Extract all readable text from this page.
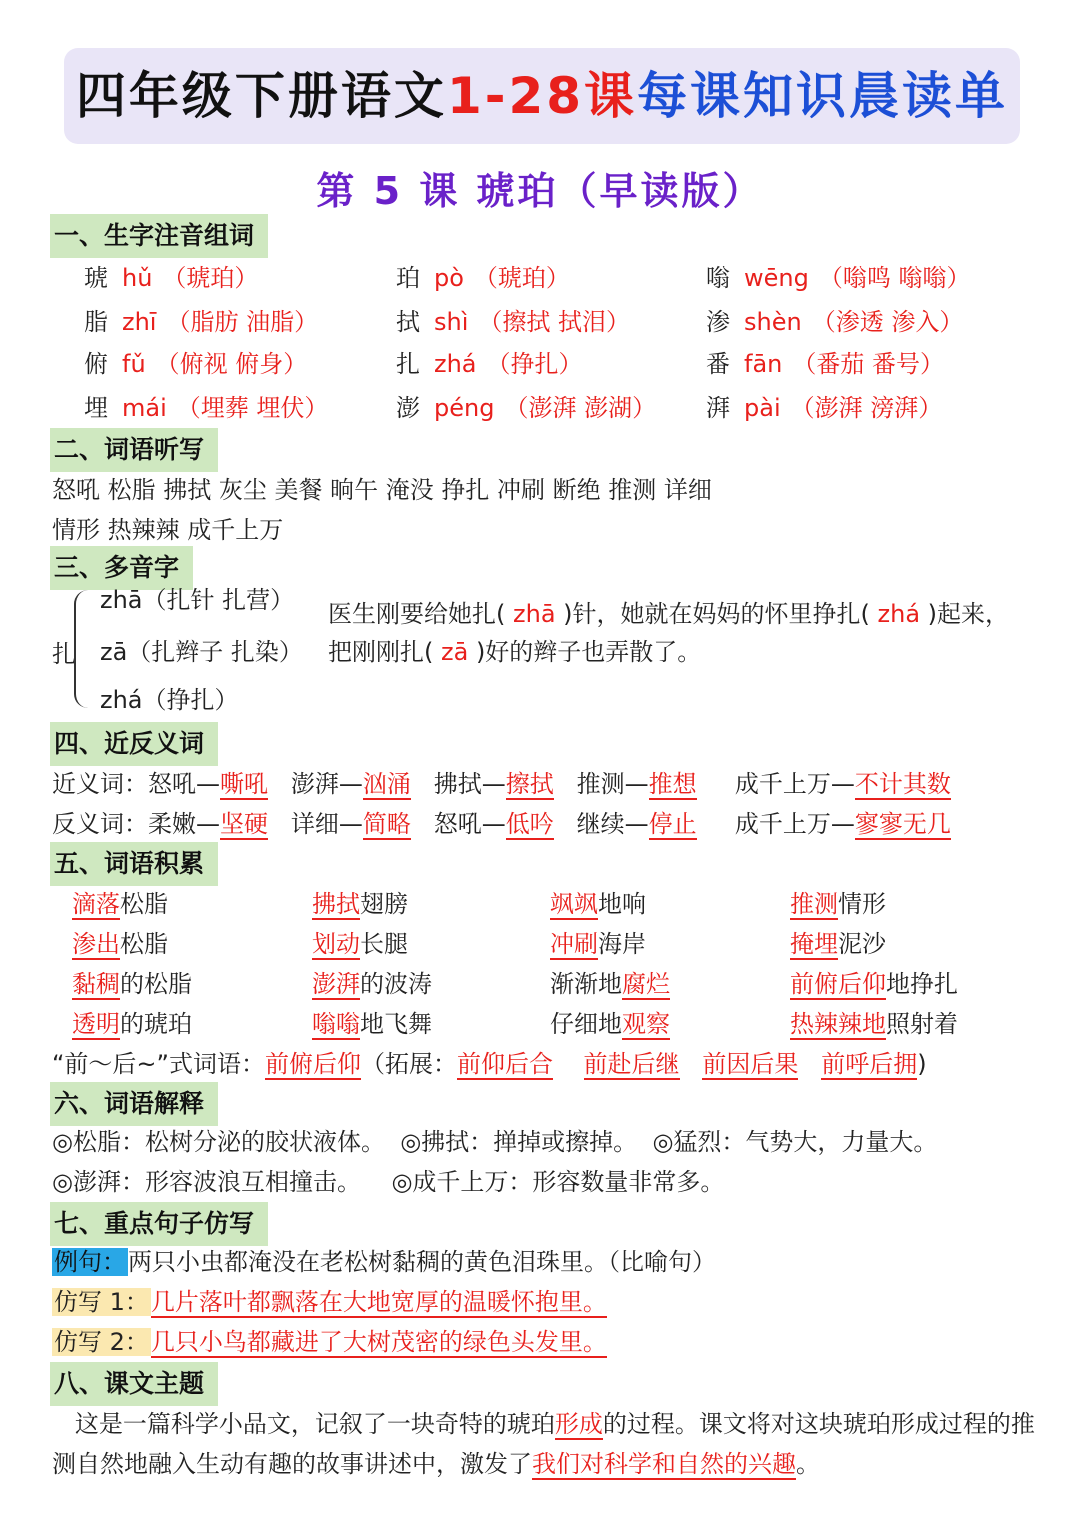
四年级下册语文1-28课每课知识晨读单
第 5 课 琥珀（早读版）
一、生字注音组词
琥 hǔ （琥珀）	珀 pò （琥珀）	嗡 wēng （嗡鸣 嗡嗡）
脂 zhī （脂肪 油脂）	拭 shì （擦拭 拭泪）	渗 shèn （渗透 渗入）
俯 fǔ （俯视 俯身）	扎 zhá （挣扎）	番 fān （番茄 番号）
埋 mái （埋葬 埋伏）	澎 péng （澎湃 澎湖） 湃 pài （澎湃 滂湃）
二、词语听写
怒吼 松脂 拂拭 灰尘 美餐 晌午 淹没 挣扎 冲刷 断绝 推测 详细
情形 热辣辣 成千上万
三、多音字
扎
zhā（扎针 扎营）
zā（扎辫子 扎染）
zhá（挣扎）
医生刚要给她扎( zhā )针，她就在妈妈的怀里挣扎( zhá )起来，
把刚刚扎( zā )好的辫子也弄散了。
四、近反义词
近义词：怒吼—嘶吼 澎湃—汹涌 拂拭—擦拭 推测—推想 成千上万—不计其数
反义词：柔嫩—坚硬 详细—简略 怒吼—低吟 继续—停止 成千上万—寥寥无几
五、词语积累
滴落松脂	拂拭翅膀	飒飒地响	推测情形
渗出松脂	划动长腿	冲刷海岸	掩埋泥沙
黏稠的松脂	澎湃的波涛	渐渐地腐烂	前俯后仰地挣扎
透明的琥珀	嗡嗡地飞舞	仔细地观察	热辣辣地照射着
“前～后~”式词语：前俯后仰（拓展：前仰后合 前赴后继 前因后果 前呼后拥)
六、词语解释
◎松脂：松树分泌的胶状液体。 ◎拂拭：掸掉或擦掉。 ◎猛烈：气势大，力量大。
◎澎湃：形容波浪互相撞击。 ◎成千上万：形容数量非常多。
七、重点句子仿写
例句：两只小虫都淹没在老松树黏稠的黄色泪珠里。（比喻句）
仿写 1：几片落叶都飘落在大地宽厚的温暖怀抱里。
仿写 2：几只小鸟都藏进了大树茂密的绿色头发里。
八、课文主题
这是一篇科学小品文，记叙了一块奇特的琥珀形成的过程。课文将对这块琥珀形成过程的推测自然地融入生动有趣的故事讲述中，激发了我们对科学和自然的兴趣。
